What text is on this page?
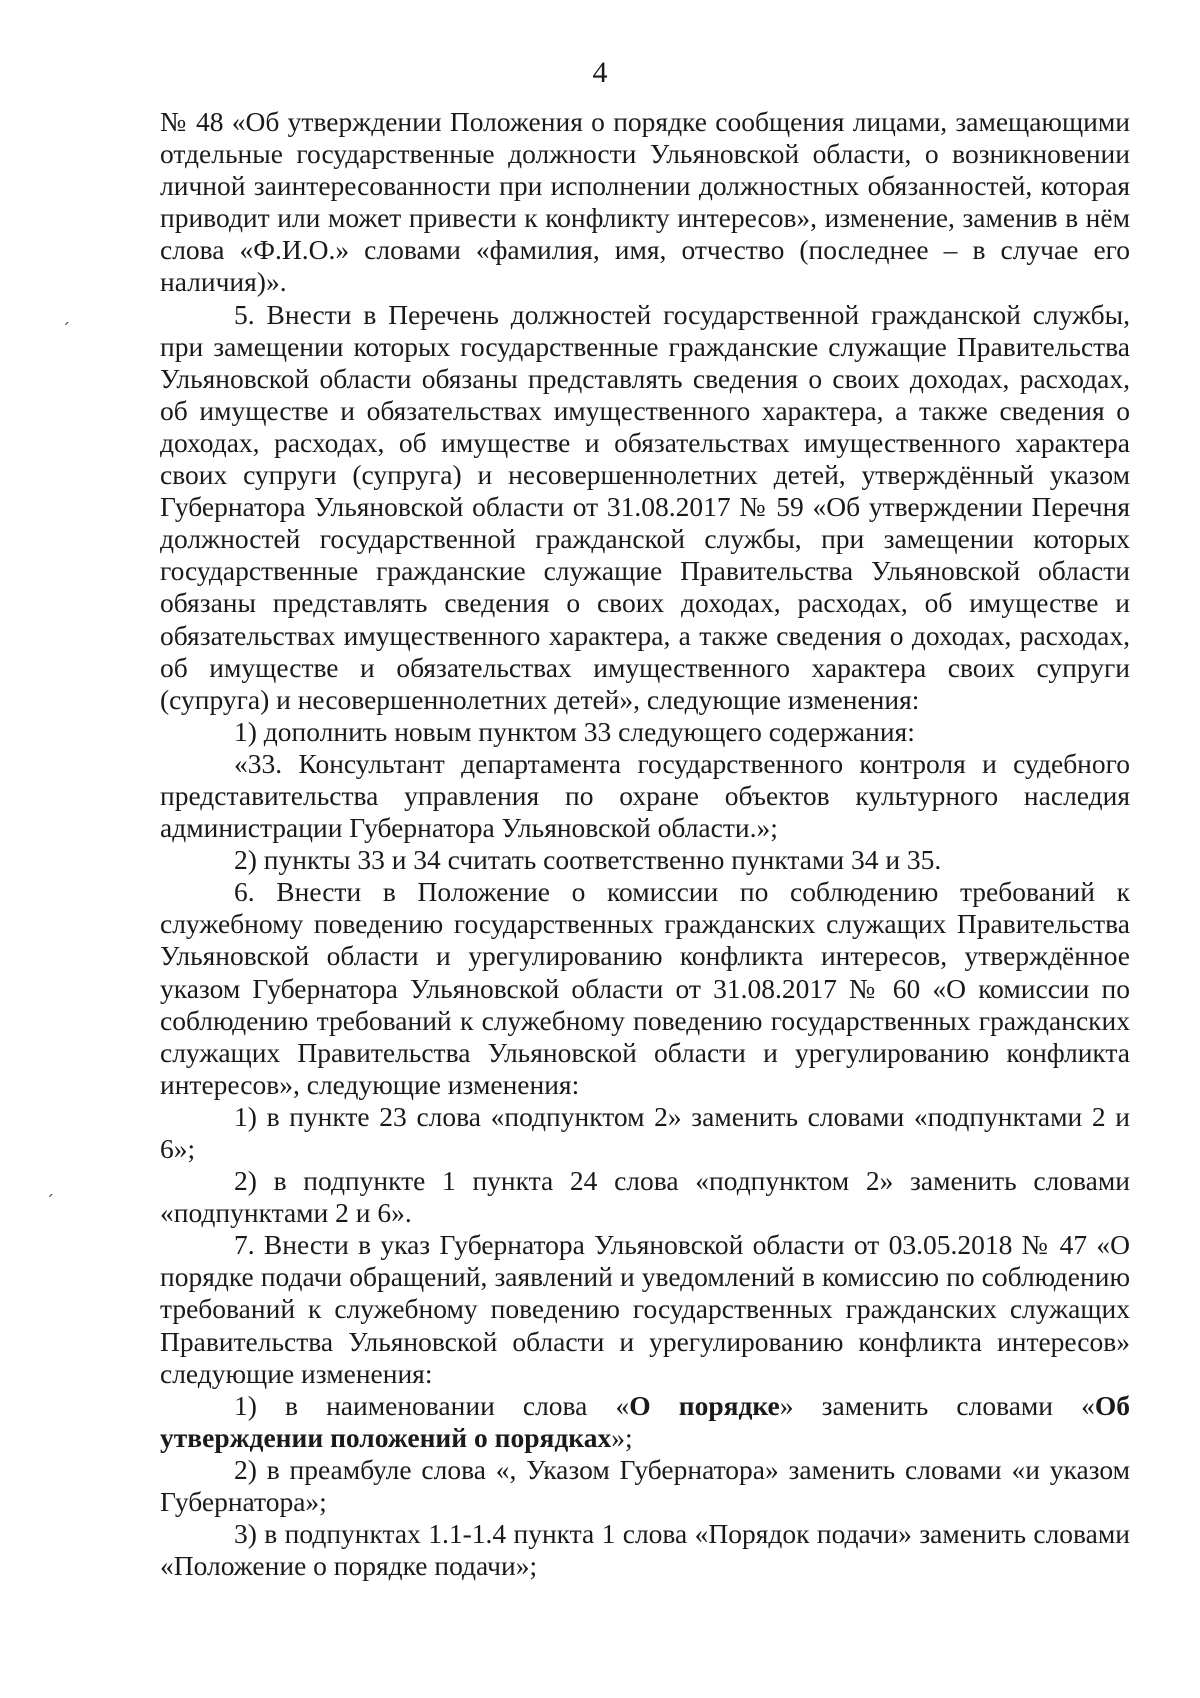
4
ˏ
ˏ

№ 48 «Об утверждении Положения о порядке сообщения лицами, замещающими отдельные государственные должности Ульяновской области, о возникновении личной заинтересованности при исполнении должностных обязанностей, которая приводит или может привести к конфликту интересов», изменение, заменив в нём слова «Ф.И.О.» словами «фамилия, имя, отчество (последнее – в случае его наличия)».

5. Внести в Перечень должностей государственной гражданской службы, при замещении которых государственные гражданские служащие Правительства Ульяновской области обязаны представлять сведения о своих доходах, расходах, об имуществе и обязательствах имущественного характера, а также сведения о доходах, расходах, об имуществе и обязательствах имущественного характера своих супруги (супруга) и несовершеннолетних детей, утверждённый указом Губернатора Ульяновской области от 31.08.2017 № 59 «Об утверждении Перечня должностей государственной гражданской службы, при замещении которых государственные гражданские служащие Правительства Ульяновской области обязаны представлять сведения о своих доходах, расходах, об имуществе и обязательствах имущественного характера, а также сведения о доходах, расходах, об имуществе и обязательствах имущественного характера своих супруги (супруга) и несовершеннолетних детей», следующие изменения:

1) дополнить новым пунктом 33 следующего содержания:

«33. Консультант департамента государственного контроля и судебного представительства управления по охране объектов культурного наследия администрации Губернатора Ульяновской области.»;

2) пункты 33 и 34 считать соответственно пунктами 34 и 35.

6. Внести в Положение о комиссии по соблюдению требований к служебному поведению государственных гражданских служащих Правительства Ульяновской области и урегулированию конфликта интересов, утверждённое указом Губернатора Ульяновской области от 31.08.2017 № 60 «О комиссии по соблюдению требований к служебному поведению государственных гражданских служащих Правительства Ульяновской области и урегулированию конфликта интересов», следующие изменения:

1) в пункте 23 слова «подпунктом 2» заменить словами «подпунктами 2 и 6»;

2) в подпункте 1 пункта 24 слова «подпунктом 2» заменить словами «подпунктами 2 и 6».

7. Внести в указ Губернатора Ульяновской области от 03.05.2018 № 47 «О порядке подачи обращений, заявлений и уведомлений в комиссию по соблюдению требований к служебному поведению государственных гражданских служащих Правительства Ульяновской области и урегулированию конфликта интересов» следующие изменения:

1) в наименовании слова «О порядке» заменить словами «Об утверждении положений о порядках»;

2) в преамбуле слова «, Указом Губернатора» заменить словами «и указом Губернатора»;

3) в подпунктах 1.1-1.4 пункта 1 слова «Порядок подачи» заменить словами «Положение о порядке подачи»;
